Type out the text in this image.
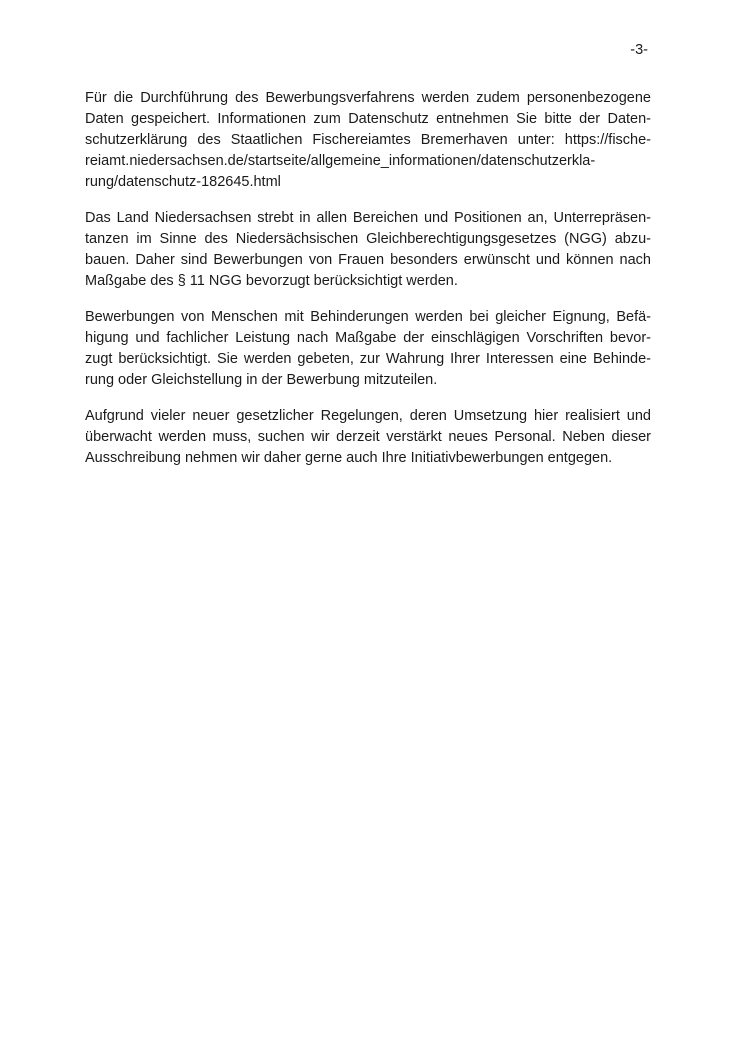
-3-

Für die Durchführung des Bewerbungsverfahrens werden zudem personenbezogene
Daten gespeichert. Informationen zum Datenschutz entnehmen Sie bitte der Daten-
schutzerklärung des Staatlichen Fischereiamtes Bremerhaven unter: https://fische-
reiamt.niedersachsen.de/startseite/allgemeine_informationen/datenschutzerkla-
rung/datenschutz-182645.html

Das Land Niedersachsen strebt in allen Bereichen und Positionen an, Unterrepräsen-
tanzen im Sinne des Niedersächsischen Gleichberechtigungsgesetzes (NGG) abzu-
bauen. Daher sind Bewerbungen von Frauen besonders erwünscht und können nach
Maßgabe des § 11 NGG bevorzugt berücksichtigt werden.

Bewerbungen von Menschen mit Behinderungen werden bei gleicher Eignung, Befä-
higung und fachlicher Leistung nach Maßgabe der einschlägigen Vorschriften bevor-
zugt berücksichtigt. Sie werden gebeten, zur Wahrung Ihrer Interessen eine Behinde-
rung oder Gleichstellung in der Bewerbung mitzuteilen.

Aufgrund vieler neuer gesetzlicher Regelungen, deren Umsetzung hier realisiert und
überwacht werden muss, suchen wir derzeit verstärkt neues Personal. Neben dieser
Ausschreibung nehmen wir daher gerne auch Ihre Initiativbewerbungen entgegen.
